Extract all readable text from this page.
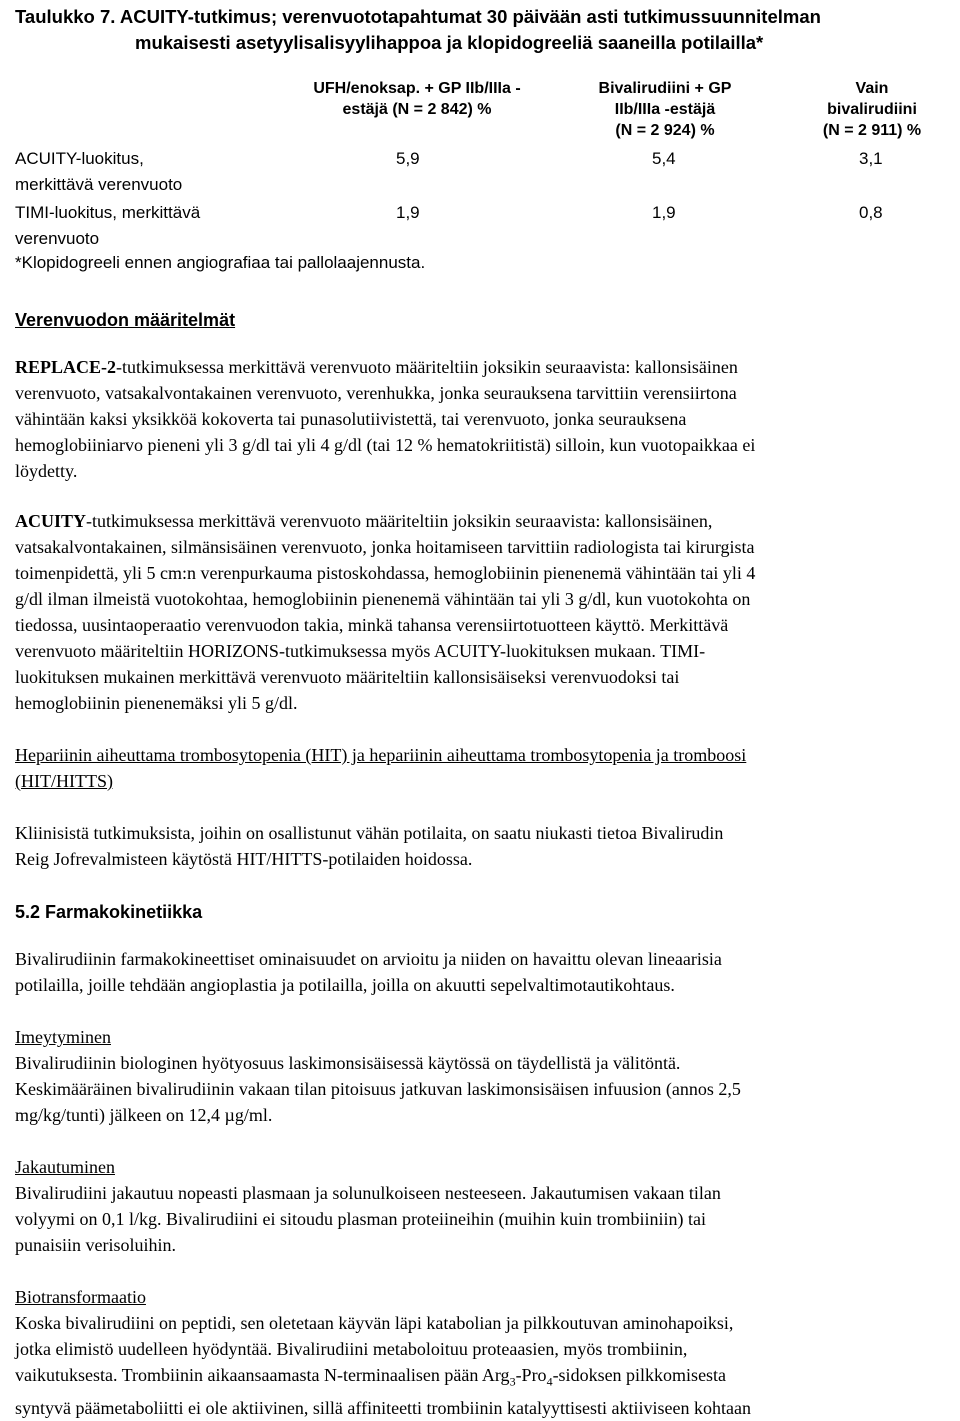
Taulukko 7. ACUITY-tutkimus; verenvuototapahtumat 30 päivään asti tutkimussuunnitelman
mukaisesti asetyylisalisyylihappoa ja klopidogreeliä saaneilla potilailla*
UFH/enoksap. + GP IIb/IIIa -
estäjä (N = 2 842) %
Bivalirudiini + GP
IIb/IIIa -estäjä
(N = 2 924) %
Vain
bivalirudiini
(N = 2 911) %
ACUITY-luokitus,
merkittävä verenvuoto
5,9	5,4	3,1
TIMI-luokitus, merkittävä
verenvuoto
1,9	1,9	0,8
*Klopidogreeli ennen angiografiaa tai pallolaajennusta.
Verenvuodon määritelmät
REPLACE-2-tutkimuksessa merkittävä verenvuoto määriteltiin joksikin seuraavista: kallonsisäinen
verenvuoto, vatsakalvontakainen verenvuoto, verenhukka, jonka seurauksena tarvittiin verensiirtona
vähintään kaksi yksikköä kokoverta tai punasolutiivistettä, tai verenvuoto, jonka seurauksena
hemoglobiiniarvo pieneni yli 3 g/dl tai yli 4 g/dl (tai 12 % hematokriitistä) silloin, kun vuotopaikkaa ei
löydetty.
ACUITY-tutkimuksessa merkittävä verenvuoto määriteltiin joksikin seuraavista: kallonsisäinen,
vatsakalvontakainen, silmänsisäinen verenvuoto, jonka hoitamiseen tarvittiin radiologista tai kirurgista
toimenpidettä, yli 5 cm:n verenpurkauma pistoskohdassa, hemoglobiinin pienenemä vähintään tai yli 4
g/dl ilman ilmeistä vuotokohtaa, hemoglobiinin pienenemä vähintään tai yli 3 g/dl, kun vuotokohta on
tiedossa, uusintaoperaatio verenvuodon takia, minkä tahansa verensiirtotuotteen käyttö. Merkittävä
verenvuoto määriteltiin HORIZONS-tutkimuksessa myös ACUITY-luokituksen mukaan. TIMI-
luokituksen mukainen merkittävä verenvuoto määriteltiin kallonsisäiseksi verenvuodoksi tai
hemoglobiinin pienenemäksi yli 5 g/dl.
Hepariinin aiheuttama trombosytopenia (HIT) ja hepariinin aiheuttama trombosytopenia ja tromboosi
(HIT/HITTS)
Kliinisistä tutkimuksista, joihin on osallistunut vähän potilaita, on saatu niukasti tietoa Bivalirudin
Reig Jofrevalmisteen käytöstä HIT/HITTS-potilaiden hoidossa.
5.2 Farmakokinetiikka
Bivalirudiinin farmakokineettiset ominaisuudet on arvioitu ja niiden on havaittu olevan lineaarisia
potilailla, joille tehdään angioplastia ja potilailla, joilla on akuutti sepelvaltimotautikohtaus.
Imeytyminen
Bivalirudiinin biologinen hyötyosuus laskimonsisäisessä käytössä on täydellistä ja välitöntä.
Keskimääräinen bivalirudiinin vakaan tilan pitoisuus jatkuvan laskimonsisäisen infuusion (annos 2,5
mg/kg/tunti) jälkeen on 12,4 µg/ml.
Jakautuminen
Bivalirudiini jakautuu nopeasti plasmaan ja solunulkoiseen nesteeseen. Jakautumisen vakaan tilan
volyymi on 0,1 l/kg. Bivalirudiini ei sitoudu plasman proteiineihin (muihin kuin trombiiniin) tai
punaisiin verisoluihin.
Biotransformaatio
Koska bivalirudiini on peptidi, sen oletetaan käyvän läpi katabolian ja pilkkoutuvan aminohapoiksi,
jotka elimistö uudelleen hyödyntää. Bivalirudiini metaboloituu proteaasien, myös trombiinin,
vaikutuksesta. Trombiinin aikaansaamasta N-terminaalisen pään Arg$_3$-Pro$_4$-sidoksen pilkkomisesta
syntyvä päämetaboliitti ei ole aktiivinen, sillä affiniteetti trombiinin katalyyttisesti aktiiviseen kohtaan
